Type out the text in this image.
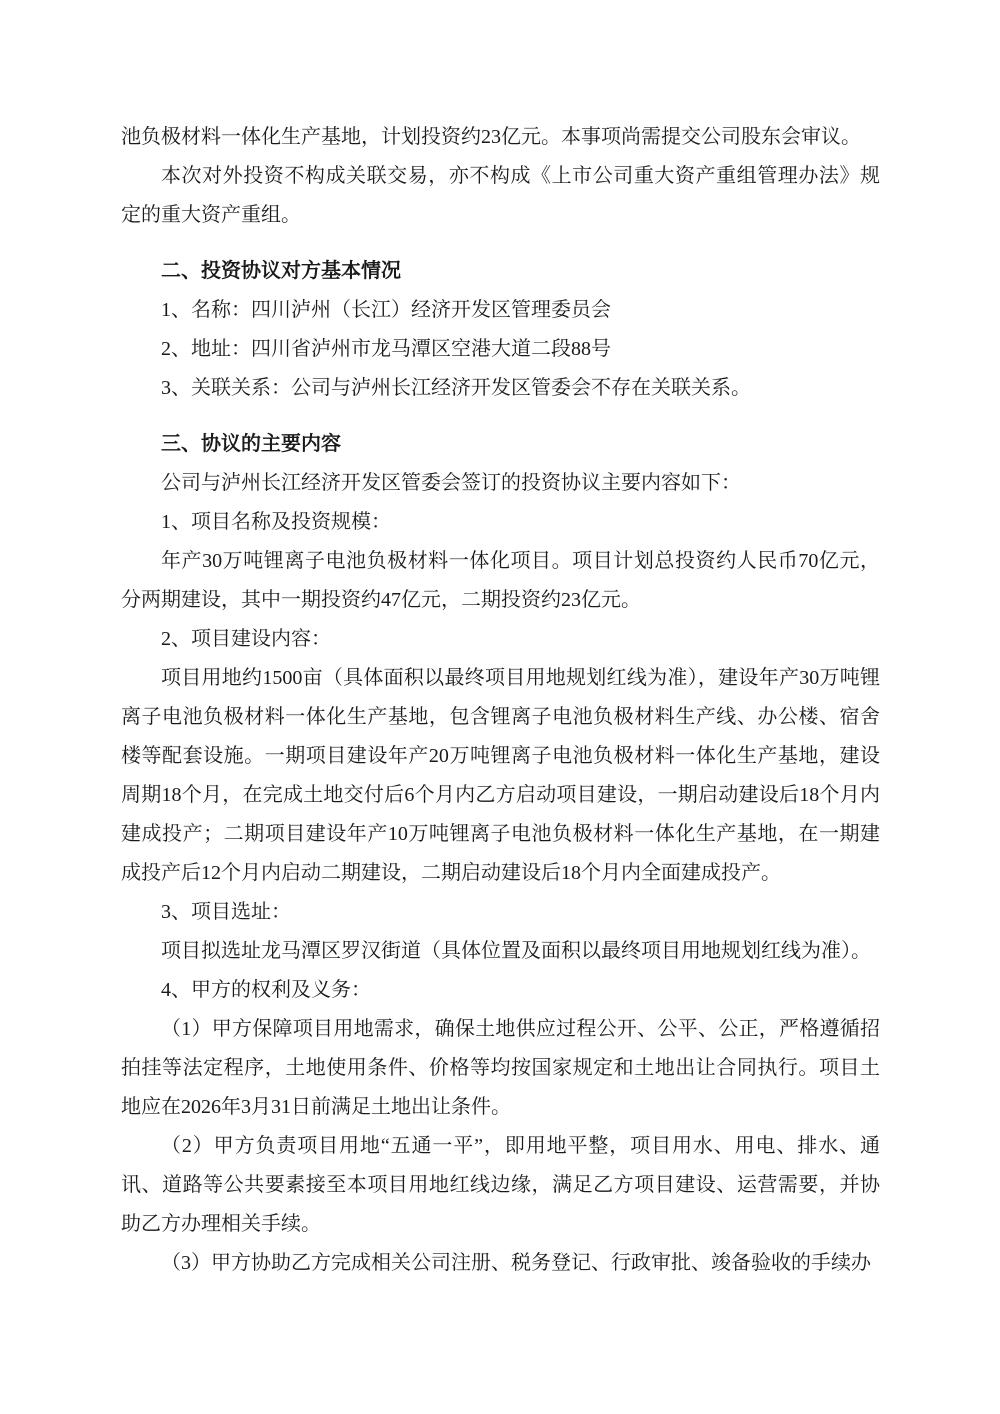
池负极材料一体化生产基地，计划投资约23亿元。本事项尚需提交公司股东会审议。

本次对外投资不构成关联交易，亦不构成《上市公司重大资产重组管理办法》规定的重大资产重组。

二、投资协议对方基本情况

1、名称：四川泸州（长江）经济开发区管理委员会

2、地址：四川省泸州市龙马潭区空港大道二段88号

3、关联关系：公司与泸州长江经济开发区管委会不存在关联关系。

三、协议的主要内容

公司与泸州长江经济开发区管委会签订的投资协议主要内容如下：

1、项目名称及投资规模：

年产30万吨锂离子电池负极材料一体化项目。项目计划总投资约人民币70亿元，分两期建设，其中一期投资约47亿元，二期投资约23亿元。

2、项目建设内容：

项目用地约1500亩（具体面积以最终项目用地规划红线为准），建设年产30万吨锂离子电池负极材料一体化生产基地，包含锂离子电池负极材料生产线、办公楼、宿舍楼等配套设施。一期项目建设年产20万吨锂离子电池负极材料一体化生产基地，建设周期18个月，在完成土地交付后6个月内乙方启动项目建设，一期启动建设后18个月内建成投产；二期项目建设年产10万吨锂离子电池负极材料一体化生产基地，在一期建成投产后12个月内启动二期建设，二期启动建设后18个月内全面建成投产。

3、项目选址：

项目拟选址龙马潭区罗汉街道（具体位置及面积以最终项目用地规划红线为准）。

4、甲方的权利及义务：

（1）甲方保障项目用地需求，确保土地供应过程公开、公平、公正，严格遵循招拍挂等法定程序，土地使用条件、价格等均按国家规定和土地出让合同执行。项目土地应在2026年3月31日前满足土地出让条件。

（2）甲方负责项目用地“五通一平”，即用地平整，项目用水、用电、排水、通讯、道路等公共要素接至本项目用地红线边缘，满足乙方项目建设、运营需要，并协助乙方办理相关手续。

（3）甲方协助乙方完成相关公司注册、税务登记、行政审批、竣备验收的手续办
